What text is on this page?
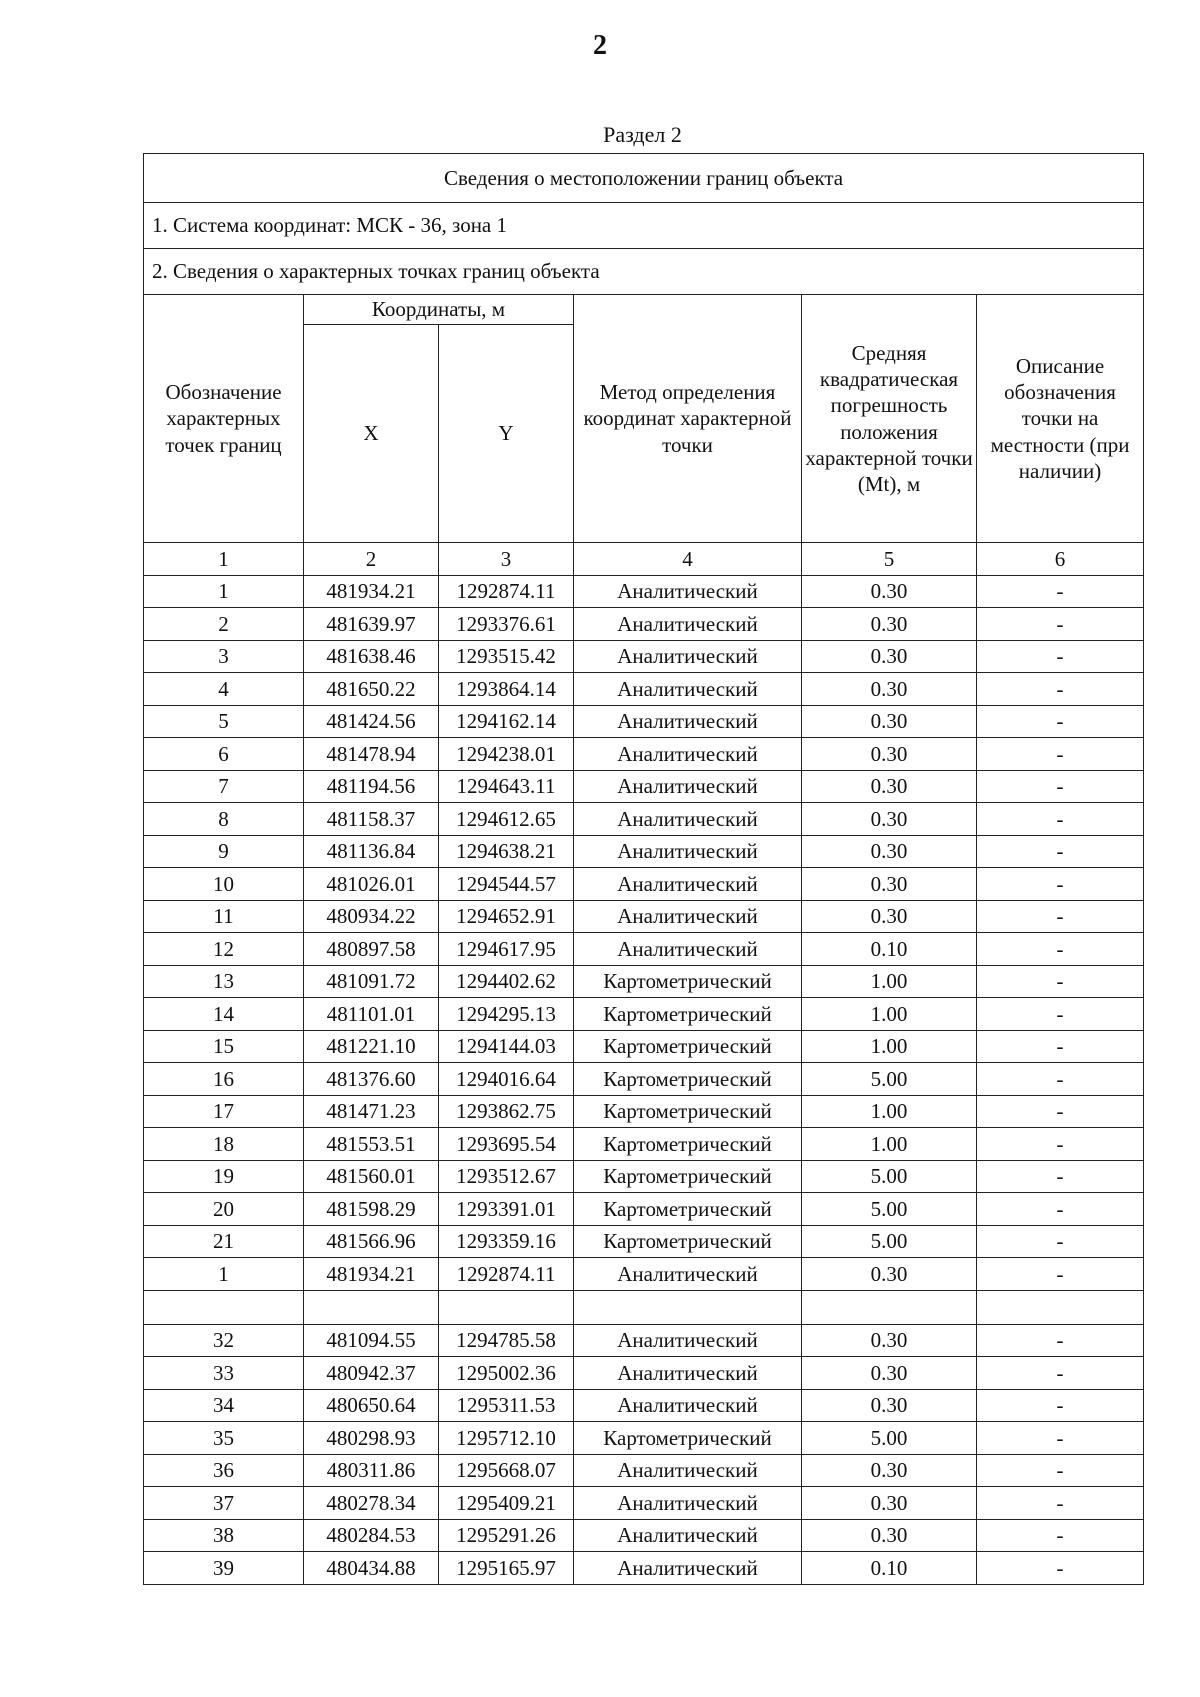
2
Раздел 2
Сведения о местоположении границ объекта					
1. Система координат: МСК - 36, зона 1					
2. Сведения о характерных точках границ объекта					
Обозначение характерных точек границ	Координаты, м		Метод определения координат характерной точки	Средняя квадратическая погрешность положения характерной точки (Mt), м	Описание обозначения точки на местности (при наличии)
	X	Y			
1	2	3	4	5	6
1	481934.21	1292874.11	Аналитический	0.30	-
2	481639.97	1293376.61	Аналитический	0.30	-
3	481638.46	1293515.42	Аналитический	0.30	-
4	481650.22	1293864.14	Аналитический	0.30	-
5	481424.56	1294162.14	Аналитический	0.30	-
6	481478.94	1294238.01	Аналитический	0.30	-
7	481194.56	1294643.11	Аналитический	0.30	-
8	481158.37	1294612.65	Аналитический	0.30	-
9	481136.84	1294638.21	Аналитический	0.30	-
10	481026.01	1294544.57	Аналитический	0.30	-
11	480934.22	1294652.91	Аналитический	0.30	-
12	480897.58	1294617.95	Аналитический	0.10	-
13	481091.72	1294402.62	Картометрический	1.00	-
14	481101.01	1294295.13	Картометрический	1.00	-
15	481221.10	1294144.03	Картометрический	1.00	-
16	481376.60	1294016.64	Картометрический	5.00	-
17	481471.23	1293862.75	Картометрический	1.00	-
18	481553.51	1293695.54	Картометрический	1.00	-
19	481560.01	1293512.67	Картометрический	5.00	-
20	481598.29	1293391.01	Картометрический	5.00	-
21	481566.96	1293359.16	Картометрический	5.00	-
1	481934.21	1292874.11	Аналитический	0.30	-

32	481094.55	1294785.58	Аналитический	0.30	-
33	480942.37	1295002.36	Аналитический	0.30	-
34	480650.64	1295311.53	Аналитический	0.30	-
35	480298.93	1295712.10	Картометрический	5.00	-
36	480311.86	1295668.07	Аналитический	0.30	-
37	480278.34	1295409.21	Аналитический	0.30	-
38	480284.53	1295291.26	Аналитический	0.30	-
39	480434.88	1295165.97	Аналитический	0.10	-
